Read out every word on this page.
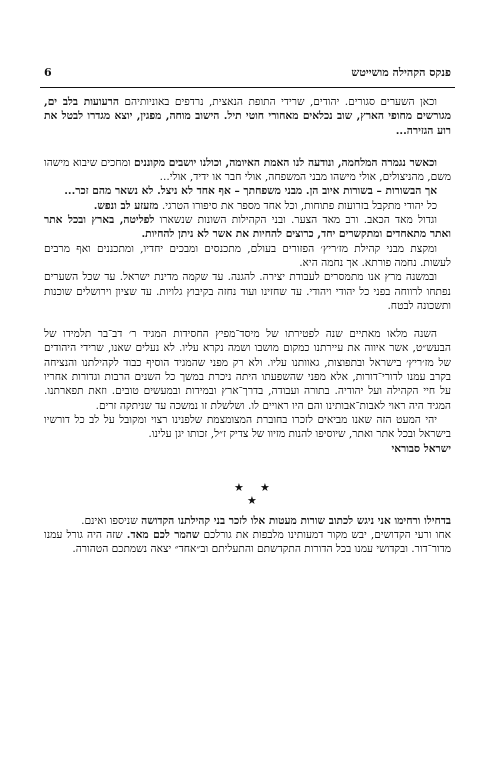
6	פנקס הקהילה מושייטש

וכאן השערים סגורים. יהודים, שרידי התופת הנאצית, נרדפים באוניותיהם הרעועות בלב ים, מגורשים מחופי הארץ, שוב נכלאים מאחורי חוטי תיל. הישוב מוחה, מפגין, יוצא מגדרו לבטל את רוע הגזירה...

וכאשר נגמרה המלחמה, ונודעה לנו האמת האיומה, וכולנו יושבים מקוננים ומחכים שיבוא מישהו משם, מהניצולים, אולי מישהו מבני המשפחה, אולי חבר או ידיד, אולי...

אך הבשורות – בשורות איוב הן. מבני משפחתך – אף אחד לא ניצל. לא נשאר מהם זכר...

כל יהודי מתקבל בזרועות פתוחות, וכל אחד מספר את סיפורו הטרגי. מזעזע לב ונפש.

וגדול מאד הכאב. ורב מאד הצער. ובני הקהילות השונות שנשארו לפליטה, בארץ ובכל אתר ואתר מתאחדים ומתקשרים יחד, כרוצים להחיות את אשר לא ניתן להחיות.

ומקצת מבני קהילת מז׳ריץ׳ הפזורים בעולם, מתכנסים ומבכים יחדיו, ומתכננים ואף מרבים לעשות. נחמה פורתא. אך נחמה היא.

ובמשנה מרץ אנו מתמסרים לעבודת יצירה. להגנה. עד שקמה מדינת ישראל. עד שכל השערים נפתחו לרווחה בפני כל יהודי ויהודי. עד שחזינו ועוד נחזה בקיבוץ גלויות. עד שציון וירושלים שוכנות ותשכונה לבטח.

השנה מלאו מאתיים שנה לפטירתו של מיסד־מפיץ החסידות המגיד ר׳ דב־בר תלמידו של הבעש״ט, אשר איווה את עיירתנו כמקום מושבו ושמה נקרא עליו. לא נעלים שאנו, שרידי היהודים של מז׳ריץ׳ בישראל ובתפוצות, גאוותנו עליו. ולא רק מפני שהמגיד הוסיף כבוד לקהילתנו והנציחה בקרב עמנו לדורי־דורות, אלא מפני שהשפעתו היתה ניכרת במשך כל השנים הרבות וגדורות אחריו על חיי הקהילה ועל יהודיה. בתורה ועבודה, בדרך־ארץ ובמידות ובמעשים טובים. וזאת תפארתנו. המגיד היה ראוי לאבות־אבותינו והם היו ראויים לו. ושלשלת זו נמשכה עד שניתקה זרים.

יהי המעט הזה שאנו מביאים לזכרו בחוברת המצומצמת שלפנינו רצוי ומקובל על לב כל דורשיו בישראל ובכל אתר ואתר, שיוסיפו להנות מזיוו של צדיק ז״ל, זכותו יגן עלינו.

ישראל סבוראי

★ ★
★

בדחילו ורחימו אני ניגש לכתוב שורות מעטות אלו לזכר בני קהילתנו הקדושה שניספו ואינם.

אחו ורעי הקדושים, יבש מקור דמעותינו מלבפות את גורלכם שהמר לכם מאד. שזה היה גורל עמנו מדור־דור. ובקדושי עמנו בכל הדורות התקדשתם והתעליתם וב״אחד״ יצאה נשמתכם הטהורה.
